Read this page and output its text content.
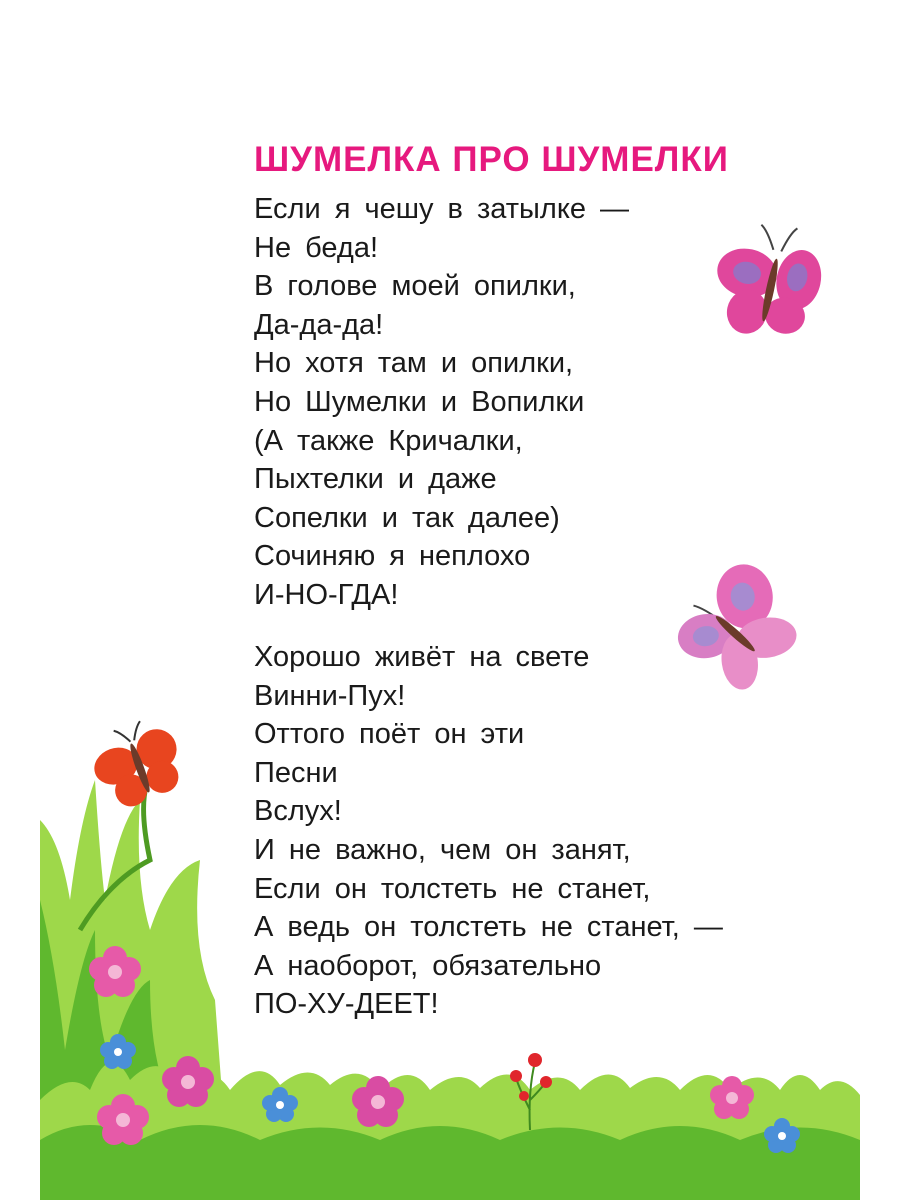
ШУМЕЛКА ПРО ШУМЕЛКИ
Если я чешу в затылке —
Не беда!
В голове моей опилки,
Да-да-да!
Но хотя там и опилки,
Но Шумелки и Вопилки
(А также Кричалки,
Пыхтелки и даже
Сопелки и так далее)
Сочиняю я неплохо
И-НО-ГДА!
Хорошо живёт на свете
Винни-Пух!
Оттого поёт он эти
Песни
Вслух!
И не важно, чем он занят,
Если он толстеть не станет,
А ведь он толстеть не станет, —
А наоборот, обязательно
ПО-ХУ-ДЕЕТ!
